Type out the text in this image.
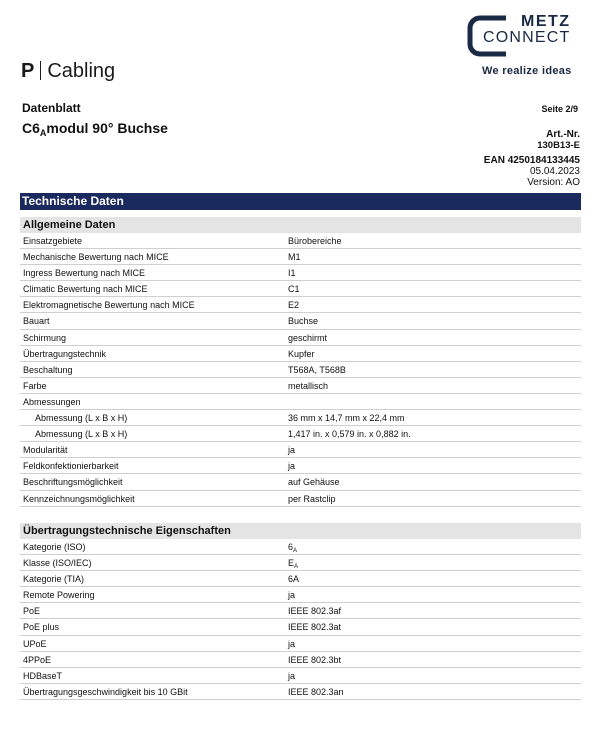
METZ
CONNECT
We realize ideas
P Cabling
Datenblatt
$C6_Amodul$ 90° Buchse
Seite 2/9
Art.-Nr.
130B13-E
EAN 4250184133445
05.04.2023
Version: AO
Technische Daten
Allgemeine Daten
Einsatzgebiete	Bürobereiche
Mechanische Bewertung nach MICE	M1
Ingress Bewertung nach MICE	I1
Climatic Bewertung nach MICE	C1
Elektromagnetische Bewertung nach MICE	E2
Bauart	Buchse
Schirmung	geschirmt
Übertragungstechnik	Kupfer
Beschaltung	T568A, T568B
Farbe	metallisch
Abmessungen
Abmessung (L x B x H)	36 mm x 14,7 mm x 22,4 mm
Abmessung (L x B x H)	1,417 in. x 0,579 in. x 0,882 in.
Modularität	ja
Feldkonfektionierbarkeit	ja
Beschriftungsmöglichkeit	auf Gehäuse
Kennzeichnungsmöglichkeit	per Rastclip
Übertragungstechnische Eigenschaften
Kategorie (ISO)	$6_A$
Klasse (ISO/IEC)	$E_A$
Kategorie (TIA)	6A
Remote Powering	ja
PoE	IEEE 802.3af
PoE plus	IEEE 802.3at
UPoE	ja
4PPoE	IEEE 802.3bt
HDBaseT	ja
Übertragungsgeschwindigkeit bis 10 GBit	IEEE 802.3an
